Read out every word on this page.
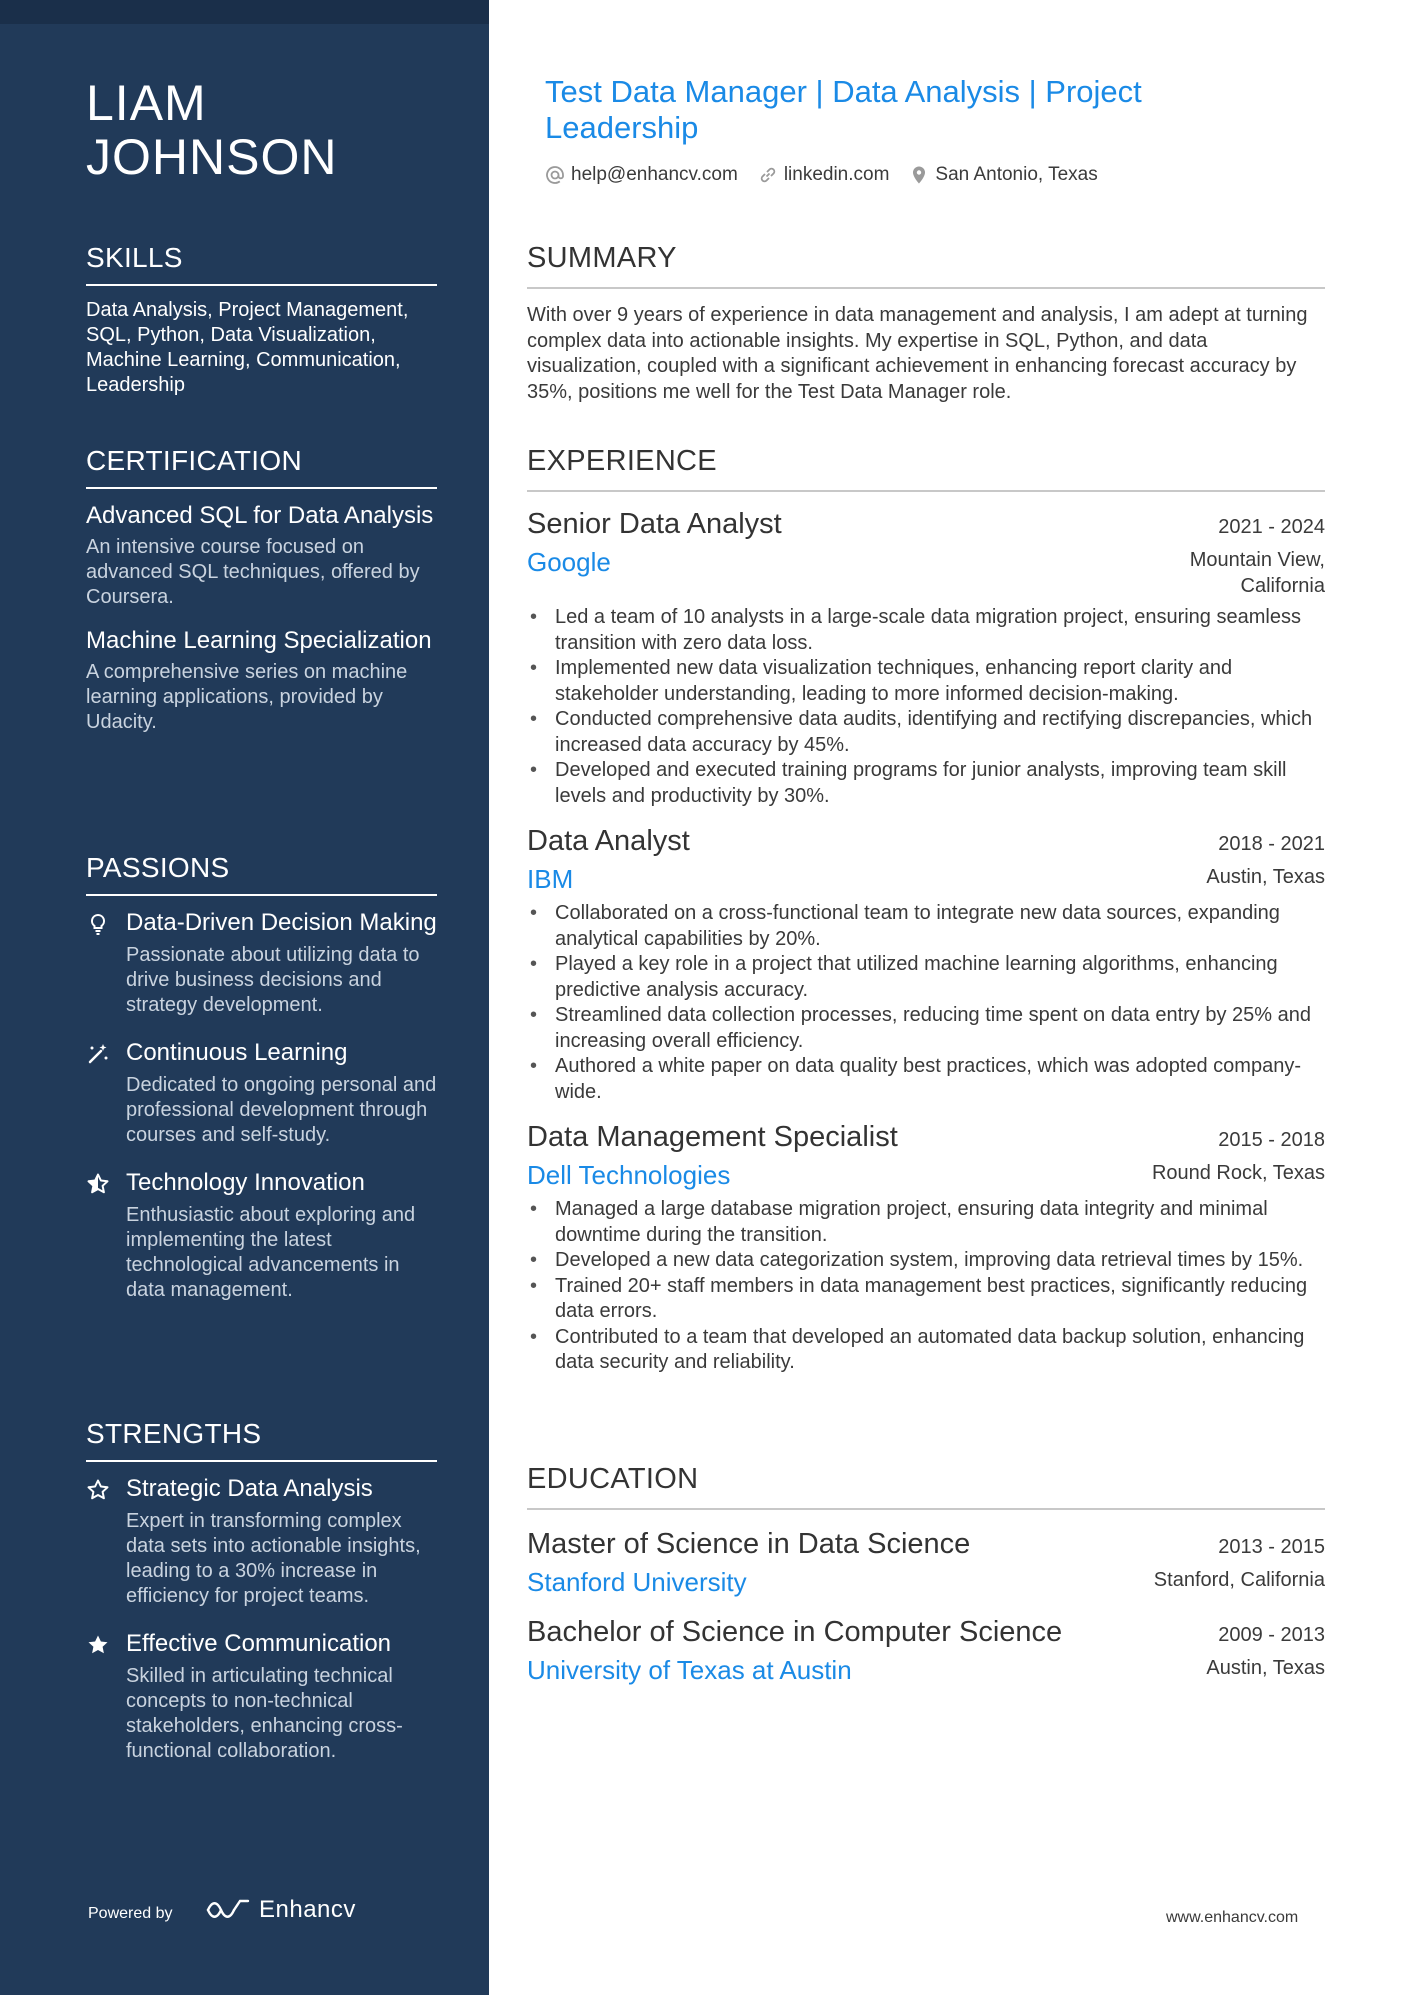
LIAM
JOHNSON
SKILLS
Data Analysis, Project Management, SQL, Python, Data Visualization, Machine Learning, Communication, Leadership
CERTIFICATION
Advanced SQL for Data Analysis
An intensive course focused on advanced SQL techniques, offered by Coursera.
Machine Learning Specialization
A comprehensive series on machine learning applications, provided by Udacity.
PASSIONS
Data-Driven Decision Making
Passionate about utilizing data to drive business decisions and strategy development.
Continuous Learning
Dedicated to ongoing personal and professional development through courses and self-study.
Technology Innovation
Enthusiastic about exploring and implementing the latest technological advancements in data management.
STRENGTHS
Strategic Data Analysis
Expert in transforming complex data sets into actionable insights, leading to a 30% increase in efficiency for project teams.
Effective Communication
Skilled in articulating technical concepts to non-technical stakeholders, enhancing cross-functional collaboration.
Powered by	Enhancv
Test Data Manager | Data Analysis | Project Leadership
help@enhancv.com linkedin.com San Antonio, Texas
SUMMARY
With over 9 years of experience in data management and analysis, I am adept at turning complex data into actionable insights. My expertise in SQL, Python, and data visualization, coupled with a significant achievement in enhancing forecast accuracy by 35%, positions me well for the Test Data Manager role.
EXPERIENCE
Senior Data Analyst	2021 - 2024
Google	Mountain View, California
• Led a team of 10 analysts in a large-scale data migration project, ensuring seamless transition with zero data loss.
• Implemented new data visualization techniques, enhancing report clarity and stakeholder understanding, leading to more informed decision-making.
• Conducted comprehensive data audits, identifying and rectifying discrepancies, which increased data accuracy by 45%.
• Developed and executed training programs for junior analysts, improving team skill levels and productivity by 30%.
Data Analyst	2018 - 2021
IBM	Austin, Texas
• Collaborated on a cross-functional team to integrate new data sources, expanding analytical capabilities by 20%.
• Played a key role in a project that utilized machine learning algorithms, enhancing predictive analysis accuracy.
• Streamlined data collection processes, reducing time spent on data entry by 25% and increasing overall efficiency.
• Authored a white paper on data quality best practices, which was adopted company-wide.
Data Management Specialist	2015 - 2018
Dell Technologies	Round Rock, Texas
• Managed a large database migration project, ensuring data integrity and minimal downtime during the transition.
• Developed a new data categorization system, improving data retrieval times by 15%.
• Trained 20+ staff members in data management best practices, significantly reducing data errors.
• Contributed to a team that developed an automated data backup solution, enhancing data security and reliability.
EDUCATION
Master of Science in Data Science	2013 - 2015
Stanford University	Stanford, California
Bachelor of Science in Computer Science	2009 - 2013
University of Texas at Austin	Austin, Texas
www.enhancv.com
